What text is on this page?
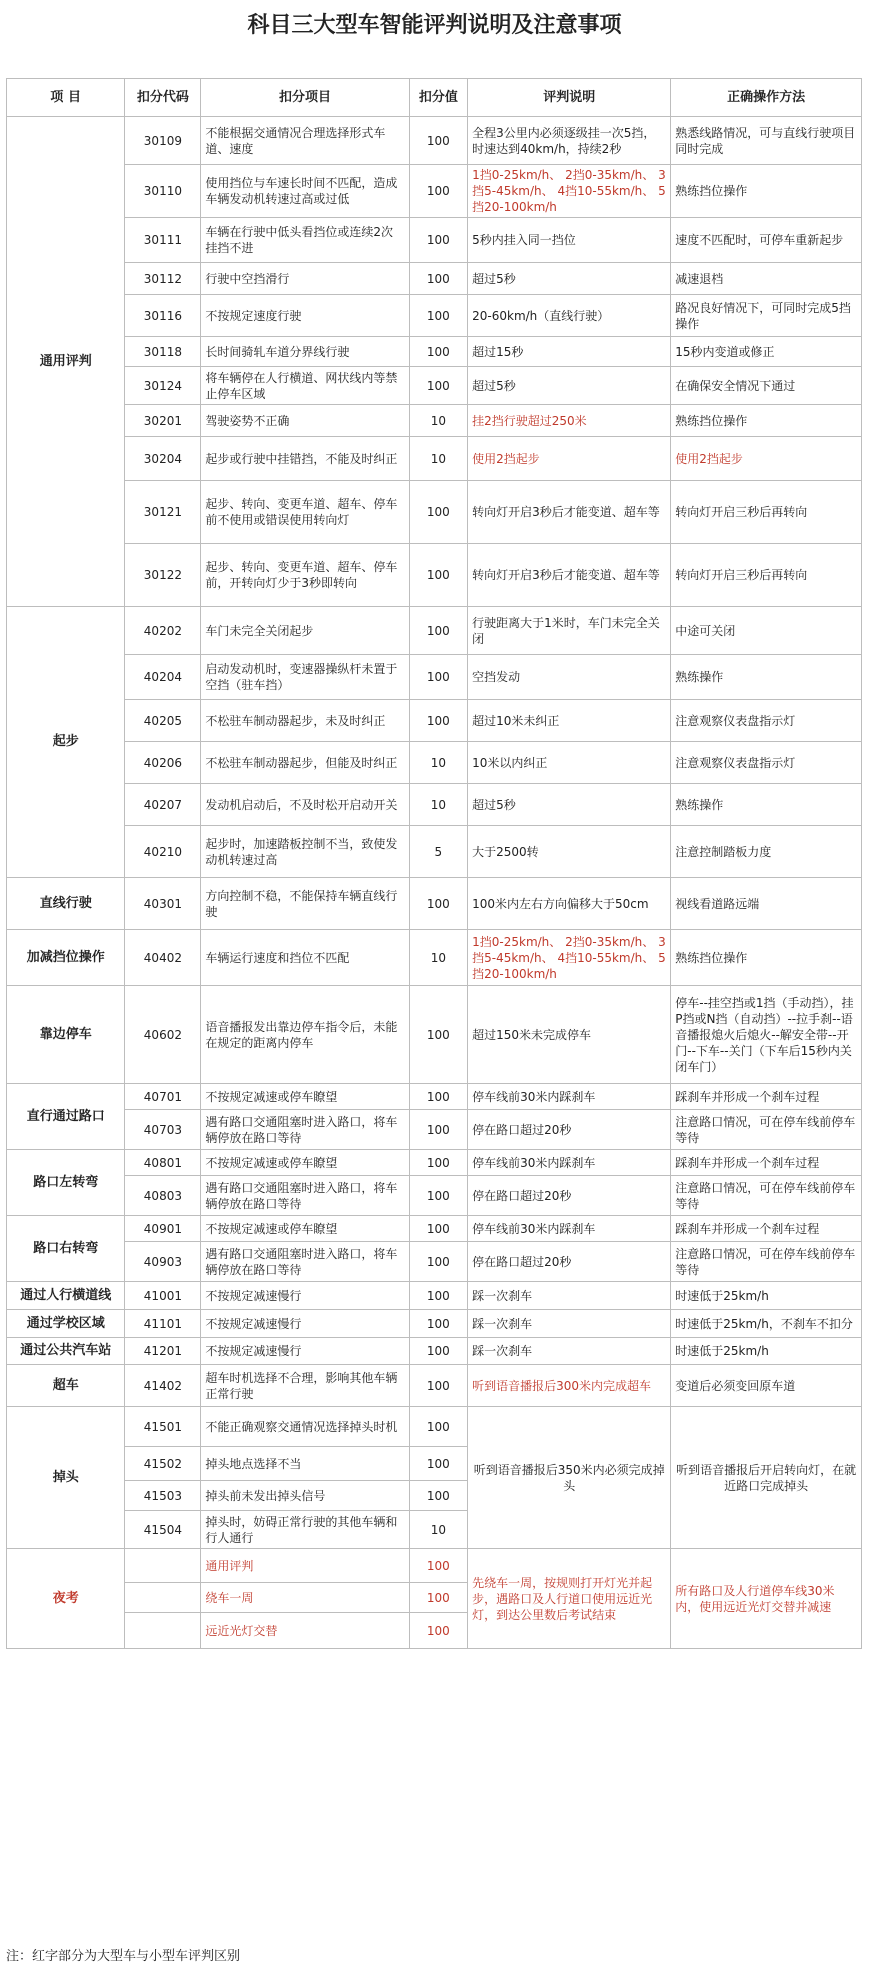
科目三大型车智能评判说明及注意事项
项 目	扣分代码	扣分项目	扣分值	评判说明	正确操作方法
通用评判	30109	不能根据交通情况合理选择形式车道、速度	100	全程3公里内必须逐级挂一次5挡，时速达到40km/h，持续2秒	熟悉线路情况，可与直线行驶项目同时完成
	30110	使用挡位与车速长时间不匹配，造成车辆发动机转速过高或过低	100	1挡0-25km/h、 2挡0-35km/h、 3挡5-45km/h、 4挡10-55km/h、 5挡20-100km/h	熟练挡位操作
	30111	车辆在行驶中低头看挡位或连续2次挂挡不进	100	5秒内挂入同一挡位	速度不匹配时，可停车重新起步
	30112	行驶中空挡滑行	100	超过5秒	减速退档
	30116	不按规定速度行驶	100	20-60km/h（直线行驶）	路况良好情况下，可同时完成5挡操作
	30118	长时间骑轧车道分界线行驶	100	超过15秒	15秒内变道或修正
	30124	将车辆停在人行横道、网状线内等禁止停车区域	100	超过5秒	在确保安全情况下通过
	30201	驾驶姿势不正确	10	挂2挡行驶超过250米	熟练挡位操作
	30204	起步或行驶中挂错挡，不能及时纠正	10	使用2挡起步	使用2挡起步
	30121	起步、转向、变更车道、超车、停车前不使用或错误使用转向灯	100	转向灯开启3秒后才能变道、超车等	转向灯开启三秒后再转向
	30122	起步、转向、变更车道、超车、停车前，开转向灯少于3秒即转向	100	转向灯开启3秒后才能变道、超车等	转向灯开启三秒后再转向
起步	40202	车门未完全关闭起步	100	行驶距离大于1米时，车门未完全关闭	中途可关闭
	40204	启动发动机时，变速器操纵杆未置于空挡（驻车挡）	100	空挡发动	熟练操作
	40205	不松驻车制动器起步，未及时纠正	100	超过10米未纠正	注意观察仪表盘指示灯
	40206	不松驻车制动器起步，但能及时纠正	10	10米以内纠正	注意观察仪表盘指示灯
	40207	发动机启动后，不及时松开启动开关	10	超过5秒	熟练操作
	40210	起步时，加速踏板控制不当，致使发动机转速过高	5	大于2500转	注意控制踏板力度
直线行驶	40301	方向控制不稳，不能保持车辆直线行驶	100	100米内左右方向偏移大于50cm	视线看道路远端
加减挡位操作	40402	车辆运行速度和挡位不匹配	10	1挡0-25km/h、 2挡0-35km/h、 3挡5-45km/h、 4挡10-55km/h、 5挡20-100km/h	熟练挡位操作
靠边停车	40602	语音播报发出靠边停车指令后，未能在规定的距离内停车	100	超过150米未完成停车	停车--挂空挡或1挡（手动挡），挂P挡或N挡（自动挡）--拉手刹--语音播报熄火后熄火--解安全带--开门--下车--关门（下车后15秒内关闭车门）
直行通过路口	40701	不按规定减速或停车瞭望	100	停车线前30米内踩刹车	踩刹车并形成一个刹车过程
	40703	遇有路口交通阻塞时进入路口，将车辆停放在路口等待	100	停在路口超过20秒	注意路口情况，可在停车线前停车等待
路口左转弯	40801	不按规定减速或停车瞭望	100	停车线前30米内踩刹车	踩刹车并形成一个刹车过程
	40803	遇有路口交通阻塞时进入路口，将车辆停放在路口等待	100	停在路口超过20秒	注意路口情况，可在停车线前停车等待
路口右转弯	40901	不按规定减速或停车瞭望	100	停车线前30米内踩刹车	踩刹车并形成一个刹车过程
	40903	遇有路口交通阻塞时进入路口，将车辆停放在路口等待	100	停在路口超过20秒	注意路口情况，可在停车线前停车等待
通过人行横道线	41001	不按规定减速慢行	100	踩一次刹车	时速低于25km/h
通过学校区域	41101	不按规定减速慢行	100	踩一次刹车	时速低于25km/h，不刹车不扣分
通过公共汽车站	41201	不按规定减速慢行	100	踩一次刹车	时速低于25km/h
超车	41402	超车时机选择不合理，影响其他车辆正常行驶	100	听到语音播报后300米内完成超车	变道后必须变回原车道
掉头	41501	不能正确观察交通情况选择掉头时机	100	听到语音播报后350米内必须完成掉头	听到语音播报后开启转向灯，在就近路口完成掉头
	41502	掉头地点选择不当	100		
	41503	掉头前未发出掉头信号	100		
	41504	掉头时，妨碍正常行驶的其他车辆和行人通行	10		
夜考		通用评判	100	先绕车一周，按规则打开灯光并起步，遇路口及人行道口使用远近光灯，到达公里数后考试结束	所有路口及人行道停车线30米内，使用远近光灯交替并减速
		绕车一周	100		
		远近光灯交替	100		
注：红字部分为大型车与小型车评判区别
